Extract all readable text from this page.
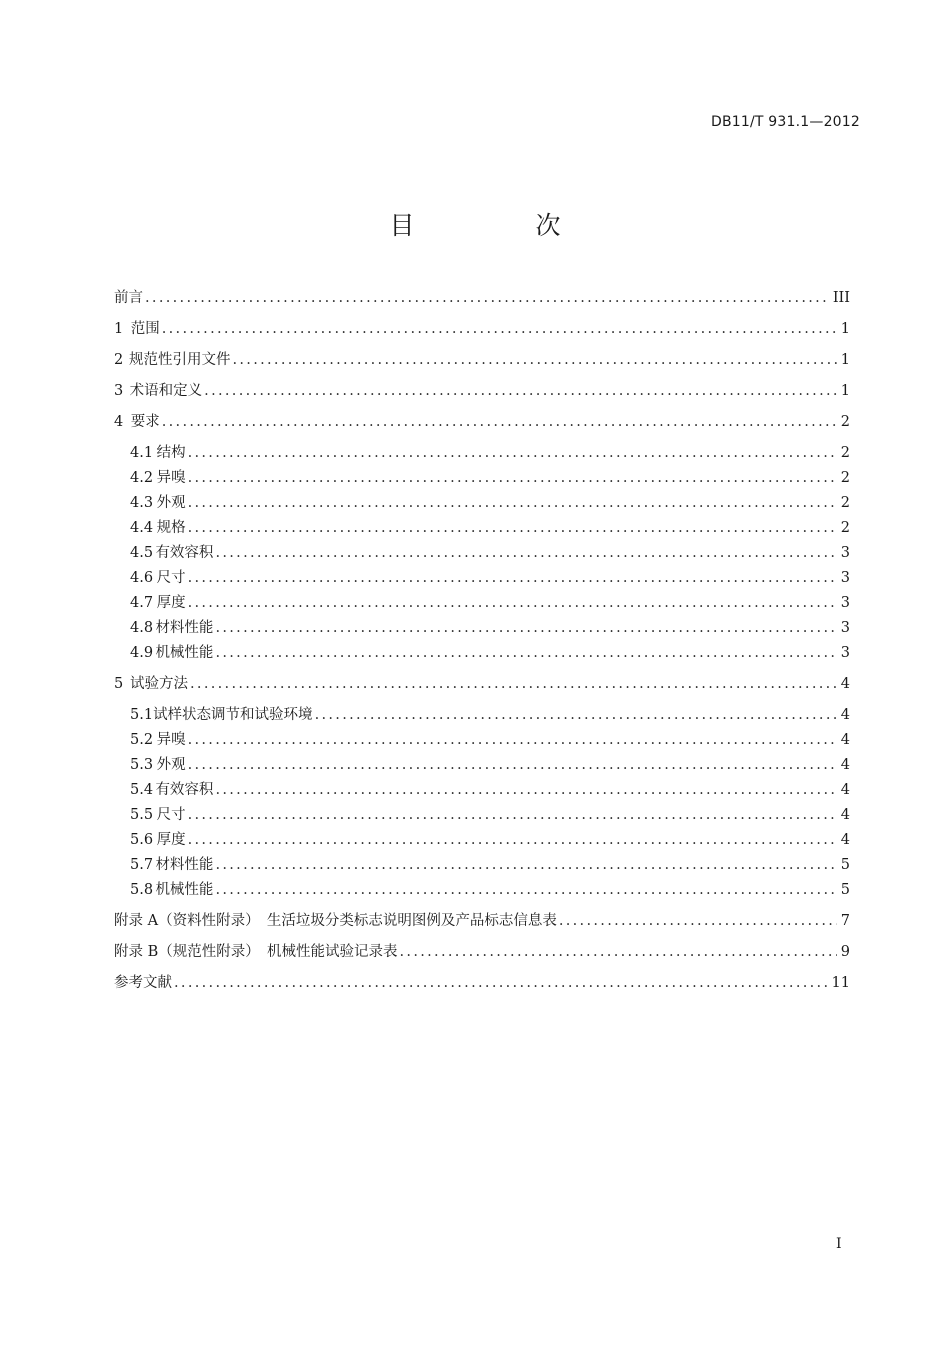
DB11/T 931.1—2012
目　次
前言 .....	III
1 范围 .....	1
2 规范性引用文件 .....	1
3 术语和定义 .....	1
4 要求 .....	2
4.1 结构 .....	2
4.2 异嗅 .....	2
4.3 外观 .....	2
4.4 规格 .....	2
4.5 有效容积 .....	3
4.6 尺寸 .....	3
4.7 厚度 .....	3
4.8 材料性能 .....	3
4.9 机械性能 .....	3
5 试验方法 .....	4
5.1 试样状态调节和试验环境 .....	4
5.2 异嗅 .....	4
5.3 外观 .....	4
5.4 有效容积 .....	4
5.5 尺寸 .....	4
5.6 厚度 .....	4
5.7 材料性能 .....	5
5.8 机械性能 .....	5
附录 A（资料性附录）　生活垃圾分类标志说明图例及产品标志信息表 .....	7
附录 B（规范性附录）　机械性能试验记录表 .....	9
参考文献 .....	11
I
